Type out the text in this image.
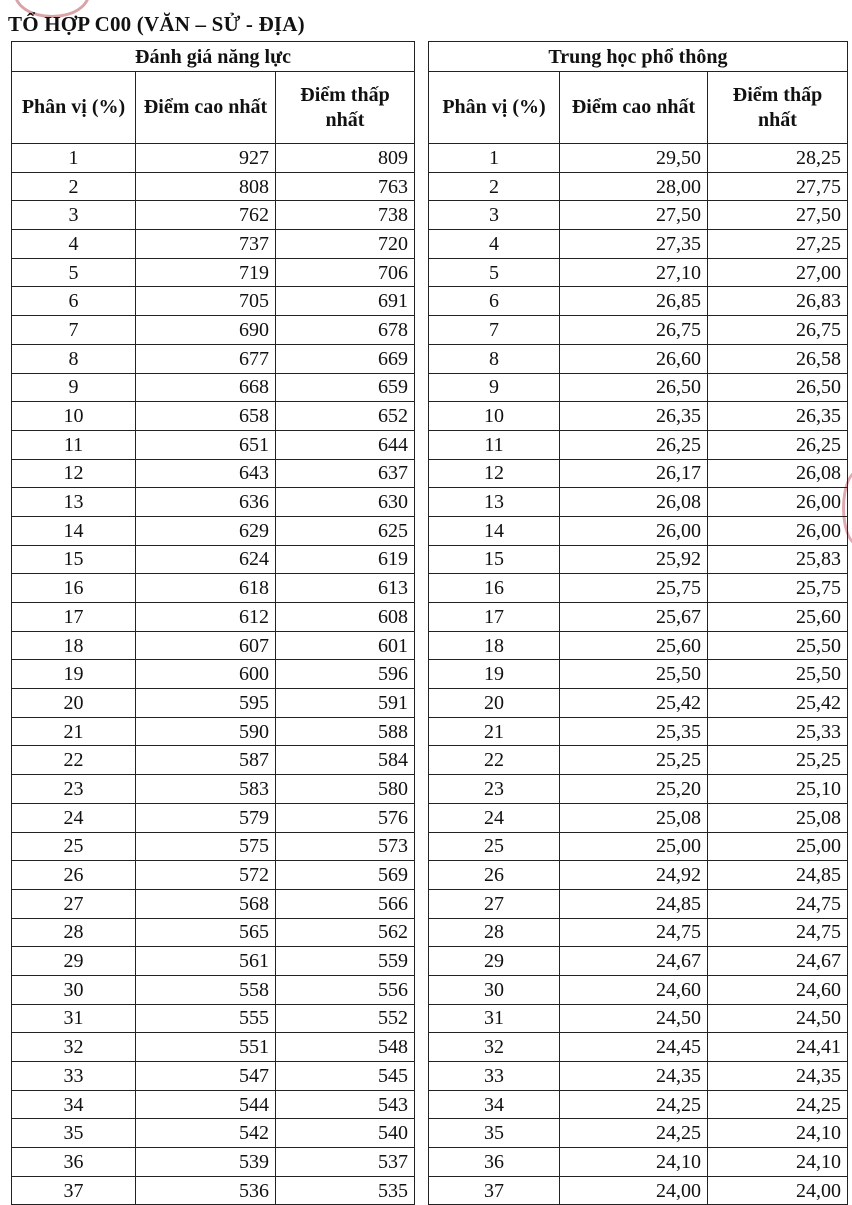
TỔ HỢP C00 (VĂN – SỬ - ĐỊA)
Đánh giá năng lực		
Phân vị (%)	Điểm cao nhất	Điểm thấp nhất
1	927	809
2	808	763
3	762	738
4	737	720
5	719	706
6	705	691
7	690	678
8	677	669
9	668	659
10	658	652
11	651	644
12	643	637
13	636	630
14	629	625
15	624	619
16	618	613
17	612	608
18	607	601
19	600	596
20	595	591
21	590	588
22	587	584
23	583	580
24	579	576
25	575	573
26	572	569
27	568	566
28	565	562
29	561	559
30	558	556
31	555	552
32	551	548
33	547	545
34	544	543
35	542	540
36	539	537
37	536	535
Trung học phổ thông		
Phân vị (%)	Điểm cao nhất	Điểm thấp nhất
1	29,50	28,25
2	28,00	27,75
3	27,50	27,50
4	27,35	27,25
5	27,10	27,00
6	26,85	26,83
7	26,75	26,75
8	26,60	26,58
9	26,50	26,50
10	26,35	26,35
11	26,25	26,25
12	26,17	26,08
13	26,08	26,00
14	26,00	26,00
15	25,92	25,83
16	25,75	25,75
17	25,67	25,60
18	25,60	25,50
19	25,50	25,50
20	25,42	25,42
21	25,35	25,33
22	25,25	25,25
23	25,20	25,10
24	25,08	25,08
25	25,00	25,00
26	24,92	24,85
27	24,85	24,75
28	24,75	24,75
29	24,67	24,67
30	24,60	24,60
31	24,50	24,50
32	24,45	24,41
33	24,35	24,35
34	24,25	24,25
35	24,25	24,10
36	24,10	24,10
37	24,00	24,00
